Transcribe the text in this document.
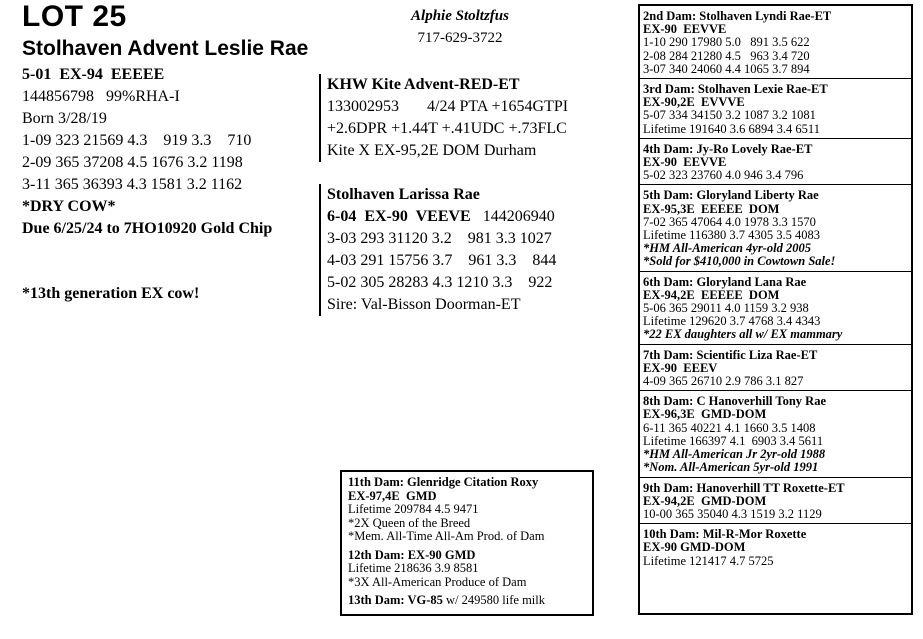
LOT 25
Stolhaven Advent Leslie Rae
5-01  EX-94  EEEEE
144856798   99%RHA-I
Born 3/28/19
1-09 323 21569 4.3    919 3.3    710
2-09 365 37208 4.5 1676 3.2 1198
3-11 365 36393 4.3 1581 3.2 1162
*DRY COW*
Due 6/25/24 to 7HO10920 Gold Chip
*13th generation EX cow!
Alphie Stoltzfus
717-629-3722
KHW Kite Advent-RED-ET
133002953       4/24 PTA +1654GTPI
+2.6DPR +1.44T +.41UDC +.73FLC
Kite X EX-95,2E DOM Durham
Stolhaven Larissa Rae
6-04  EX-90  VEEVE   144206940
3-03 293 31120 3.2    981 3.3 1027
4-03 291 15756 3.7    961 3.3    844
5-02 305 28283 4.3 1210 3.3    922
Sire: Val-Bisson Doorman-ET
2nd Dam: Stolhaven Lyndi Rae-ET
EX-90  EEVVE
1-10 290 17980 5.0   891 3.5 622
2-08 284 21280 4.5   963 3.4 720
3-07 340 24060 4.4 1065 3.7 894
3rd Dam: Stolhaven Lexie Rae-ET
EX-90,2E  EVVVE
5-07 334 34150 3.2 1087 3.2 1081
Lifetime 191640 3.6 6894 3.4 6511
4th Dam: Jy-Ro Lovely Rae-ET
EX-90  EEVVE
5-02 323 23760 4.0 946 3.4 796
5th Dam: Gloryland Liberty Rae
EX-95,3E  EEEEE  DOM
7-02 365 47064 4.0 1978 3.3 1570
Lifetime 116380 3.7 4305 3.5 4083
*HM All-American 4yr-old 2005
*Sold for $410,000 in Cowtown Sale!
6th Dam: Gloryland Lana Rae
EX-94,2E  EEEEE  DOM
5-06 365 29011 4.0 1159 3.2 938
Lifetime 129620 3.7 4768 3.4 4343
*22 EX daughters all w/ EX mammary
7th Dam: Scientific Liza Rae-ET
EX-90  EEEV
4-09 365 26710 2.9 786 3.1 827
8th Dam: C Hanoverhill Tony Rae
EX-96,3E  GMD-DOM
6-11 365 40221 4.1 1660 3.5 1408
Lifetime 166397 4.1  6903 3.4 5611
*HM All-American Jr 2yr-old 1988
*Nom. All-American 5yr-old 1991
9th Dam: Hanoverhill TT Roxette-ET
EX-94,2E  GMD-DOM
10-00 365 35040 4.3 1519 3.2 1129
10th Dam: Mil-R-Mor Roxette
EX-90 GMD-DOM
Lifetime 121417 4.7 5725
11th Dam: Glenridge Citation Roxy
EX-97,4E  GMD
Lifetime 209784 4.5 9471
*2X Queen of the Breed
*Mem. All-Time All-Am Prod. of Dam
12th Dam: EX-90 GMD
Lifetime 218636 3.9 8581
*3X All-American Produce of Dam
13th Dam: VG-85 w/ 249580 life milk
